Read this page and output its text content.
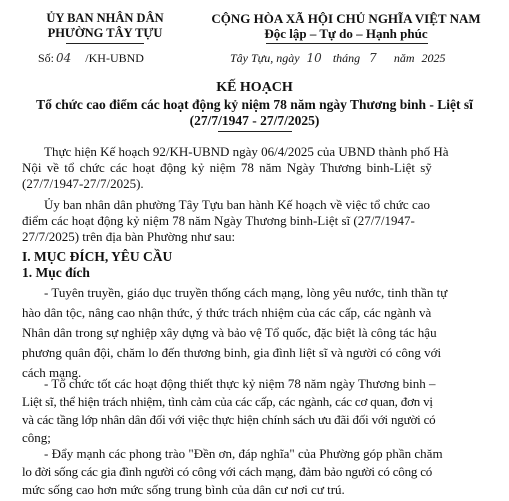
ỦY BAN NHÂN DÂN
PHƯỜNG TÂY TỰU
Số: 04 /KH-UBND
CỘNG HÒA XÃ HỘI CHỦ NGHĨA VIỆT NAM
Độc lập – Tự do – Hạnh phúc
Tây Tựu, ngày 10 tháng 7 năm 2025
KẾ HOẠCH
Tổ chức cao điểm các hoạt động kỷ niệm 78 năm ngày Thương binh - Liệt sĩ
(27/7/1947 - 27/7/2025)
Thực hiện Kế hoạch 92/KH-UBND ngày 06/4/2025 của UBND thành phố Hà
Nội về tổ chức các hoạt động kỷ niệm 78 năm Ngày Thương binh-Liệt sỹ
(27/7/1947-27/7/2025).
Ủy ban nhân dân phường Tây Tựu ban hành Kế hoạch về việc tổ chức cao
điểm các hoạt động kỷ niệm 78 năm Ngày Thương binh-Liệt sĩ (27/7/1947-
27/7/2025) trên địa bàn Phường như sau:
I. MỤC ĐÍCH, YÊU CẦU
1. Mục đích
- Tuyên truyền, giáo dục truyền thống cách mạng, lòng yêu nước, tinh thần tự
hào dân tộc, nâng cao nhận thức, ý thức trách nhiệm của các cấp, các ngành và
Nhân dân trong sự nghiệp xây dựng và bảo vệ Tổ quốc, đặc biệt là công tác hậu
phương quân đội, chăm lo đến thương binh, gia đình liệt sĩ và người có công với
cách mạng.
- Tổ chức tốt các hoạt động thiết thực kỷ niệm 78 năm ngày Thương binh –
Liệt sĩ, thể hiện trách nhiệm, tình cảm của các cấp, các ngành, các cơ quan, đơn vị
và các tầng lớp nhân dân đối với việc thực hiện chính sách ưu đãi đối với người có
công;
- Đẩy mạnh các phong trào "Đền ơn, đáp nghĩa" của Phường góp phần chăm
lo đời sống các gia đình người có công với cách mạng, đảm bảo người có công có
mức sống cao hơn mức sống trung bình của dân cư nơi cư trú.
